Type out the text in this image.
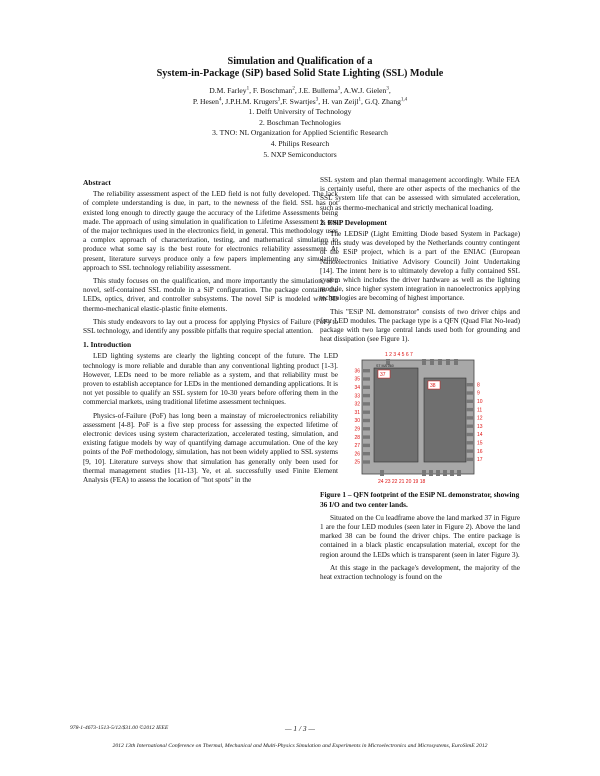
Simulation and Qualification of a
System-in-Package (SiP) based Solid State Lighting (SSL) Module
D.M. Farley$^1$, F. Boschman$^2$, J.E. Bullema$^3$, A.W.J. Gielen$^3$,
P. Hesen$^4$, J.P.H.M. Krugers$^3$,F. Swartjes$^3$, H. van Zeijl$^1$, G.Q. Zhang$^{1,4}$
1. Delft University of Technology
2. Boschman Technologies
3. TNO: NL Organization for Applied Scientific Research
4. Philips Research
5. NXP Semiconductors
Abstract

The reliability assessment aspect of the LED field is not fully developed. The lack of complete understanding is due, in part, to the newness of the field. SSL has not existed long enough to directly gauge the accuracy of the Lifetime Assessments being made. The approach of using simulation in qualification to Lifetime Assessment is one of the major techniques used in the electronics field, in general. This methodology uses a complex approach of characterization, testing, and mathematical simulation to produce what some say is the best route for electronics reliability assessment. At present, literature surveys produce only a few papers implementing any simulation approach to SSL technology reliability assessment.

This study focuses on the qualification, and more importantly the simulation, of a novel, self-contained SSL module in a SiP configuration. The package contains the LEDs, optics, driver, and controller subsystems. The novel SiP is modeled with 3D thermo-mechanical elastic-plastic finite elements.

This study endeavors to lay out a process for applying Physics of Failure (PoF) to SSL technology, and identify any possible pitfalls that require special attention.

1. Introduction

LED lighting systems are clearly the lighting concept of the future. The LED technology is more reliable and durable than any conventional lighting product [1-3]. However, LEDs need to be more reliable as a system, and that reliability must be proven to establish acceptance for LEDs in the mentioned demanding applications. It is not yet possible to qualify an SSL system for 10-30 years before offering them in the commercial markets, using traditional lifetime assessment techniques.

Physics-of-Failure (PoF) has long been a mainstay of microelectronics reliability assessment [4-8]. PoF is a five step process for assessing the expected lifetime of electronic devices using system characterization, accelerated testing, simulation, and existing fatigue models by way of quantifying damage accumulation. One of the key points of the PoF methodology, simulation, has not been widely applied to SSL systems [9, 10]. Literature surveys show that simulation has generally only been used for thermal management studies [11-13]. Ye, et al. successfully used Finite Element Analysis (FEA) to assess the location of "hot spots" in the

SSL system and plan thermal management accordingly. While FEA is certainly useful, there are other aspects of the mechanics of the SSL system life that can be assessed with simulated acceleration, such as thermo-mechanical and strictly mechanical loading.

2. ESiP Development

The LEDSiP (Light Emitting Diode based System in Package) for this study was developed by the Netherlands country contingent of the ESiP project, which is a part of the ENIAC (European Nanoelectronics Initiative Advisory Council) Joint Undertaking [14]. The intent here is to ultimately develop a fully contained SSL system which includes the driver hardware as well as the lighting module, since higher system integration in nanoelectronics applying technologies are becoming of highest importance.

This "ESiP NL demonstrator" consists of two driver chips and four LED modules. The package type is a QFN (Quad Flat No-lead) package with two large central lands used both for grounding and heat dissipation (see Figure 1).

1 2 3 4 5 6 7
37
ST MA 060
38
36
35
34
33
32
31
30
29
28
27
26
25
8
9
10
11
12
13
14
15
16
17
24 23 22 21 20 19 18
Figure 1 – QFN footprint of the ESiP NL demonstrator, showing 36 I/O and two center lands.

Situated on the Cu leadframe above the land marked 37 in Figure 1 are the four LED modules (seen later in Figure 2). Above the land marked 38 can be found the driver chips. The entire package is contained in a black plastic encapsulation material, except for the region around the LEDs which is transparent (seen in later Figure 3).

At this stage in the package's development, the majority of the heat extraction technology is found on the

978-1-4673-1513-5/12/$31.00 ©2012 IEEE	— 1 / 3 —
2012 13th International Conference on Thermal, Mechanical and Multi-Physics Simulation and Experiments in Microelectronics and Microsystems, EuroSimE 2012
